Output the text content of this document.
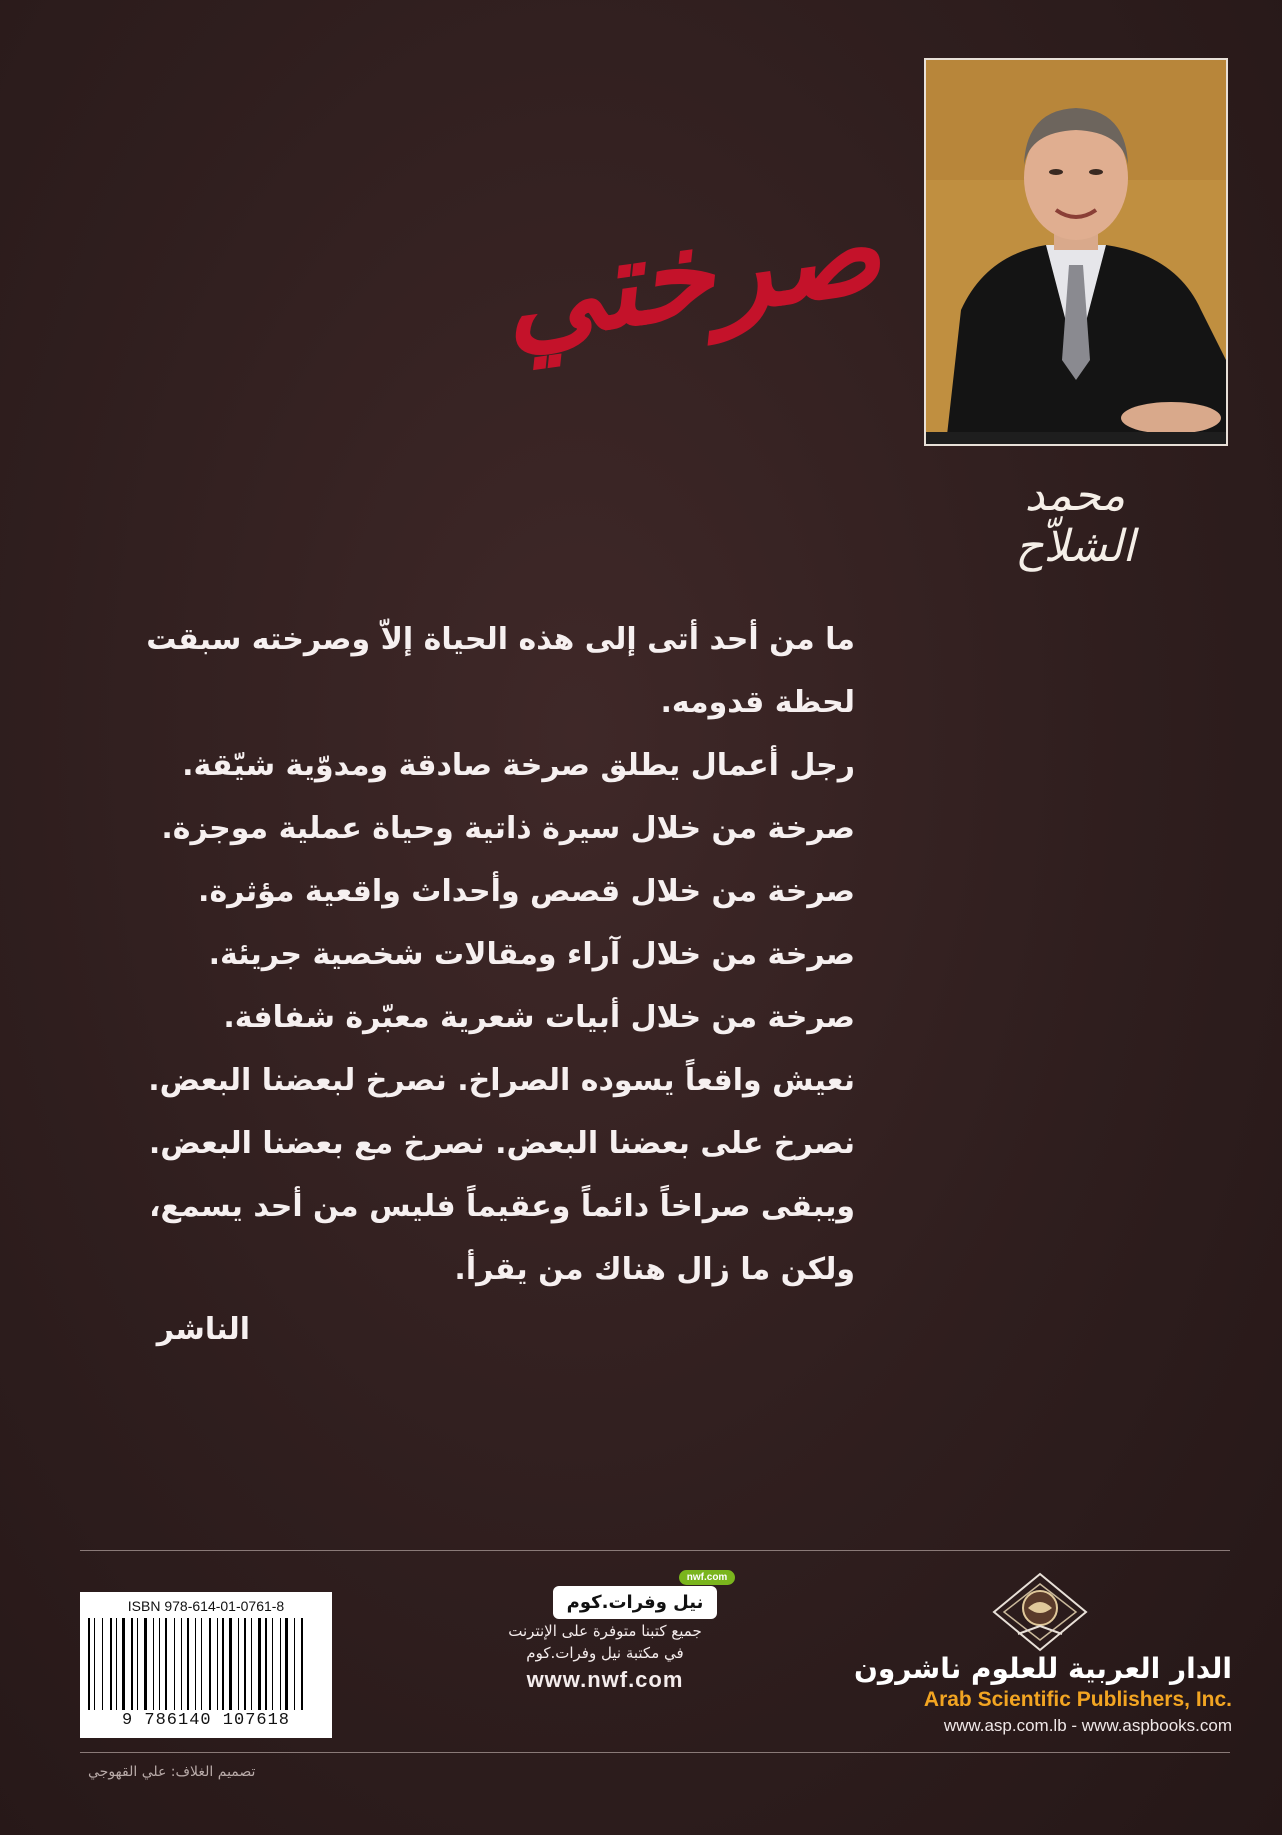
محمد الشلاّح
صرختي

ما من أحد أتى إلى هذه الحياة إلاّ وصرخته سبقت

لحظة قدومه.

رجل أعمال يطلق صرخة صادقة ومدوّية شيّقة.

صرخة من خلال سيرة ذاتية وحياة عملية موجزة.

صرخة من خلال قصص وأحداث واقعية مؤثرة.

صرخة من خلال آراء ومقالات شخصية جريئة.

صرخة من خلال أبيات شعرية معبّرة شفافة.

نعيش واقعاً يسوده الصراخ. نصرخ لبعضنا البعض.

نصرخ على بعضنا البعض. نصرخ مع بعضنا البعض.

ويبقى صراخاً دائماً وعقيماً فليس من أحد يسمع،

ولكن ما زال هناك من يقرأ.

الناشر
ISBN 978-614-01-0761-8
9 786140 107618
nwf.com
نيل وفرات.كوم
جميع كتبنا متوفرة على الإنترنت
في مكتبة نيل وفرات.كوم
www.nwf.com	الدار العربية للعلوم ناشرون
Arab Scientific Publishers, Inc.
www.asp.com.lb - www.aspbooks.com
تصميم الغلاف: علي القهوجي
